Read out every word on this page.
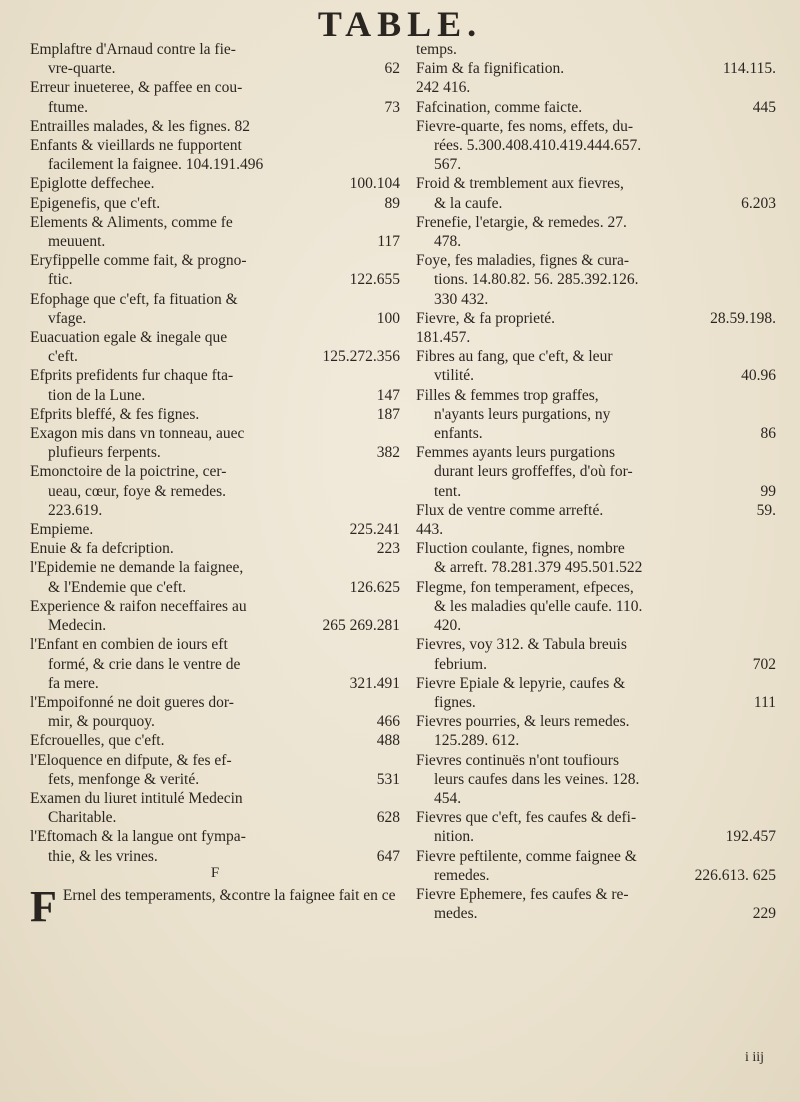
TABLE.
Emplaftre d'Arnaud contre la fie-
62
vre-quarte.
Erreur inueteree, & paffee en cou-
73
ftume.
Entrailles malades, & les fignes. 82
Enfants & vieillards ne fupportent
facilement la faignee. 104.191.496
100.104
Epiglotte deffechee.
89
Epigenefis, que c'eft.
Elements & Aliments, comme fe
117
meuuent.
Eryfippelle comme fait, & progno-
122.655
ftic.
Efophage que c'eft, fa fituation &
100
vfage.
Euacuation egale & inegale que
125.272.356
c'eft.
Efprits prefidents fur chaque fta-
147
tion de la Lune.
187
Efprits bleffé, & fes fignes.
Exagon mis dans vn tonneau, auec
382
plufieurs ferpents.
Emonctoire de la poictrine, cer-
ueau, cœur, foye & remedes.
223.619.
225.241
Empieme.
223
Enuie & fa defcription.
l'Epidemie ne demande la faignee,
126.625
& l'Endemie que c'eft.
Experience & raifon neceffaires au
265 269.281
Medecin.
l'Enfant en combien de iours eft
formé, & crie dans le ventre de
321.491
fa mere.
l'Empoifonné ne doit gueres dor-
466
mir, & pourquoy.
488
Efcrouelles, que c'eft.
l'Eloquence en difpute, & fes ef-
531
fets, menfonge & verité.
Examen du liuret intitulé Medecin
628
Charitable.
l'Eftomach & la langue ont fympa-
647
thie, & les vrines.
F
F Ernel des temperaments, &contre la faignee fait en ce
temps.
114.115.
Faim & fa fignification.
242 416.
445
Fafcination, comme faicte.
Fievre-quarte, fes noms, effets, du-
rées. 5.300.408.410.419.444.657.
567.
Froid & tremblement aux fievres,
6.203
& la caufe.
Frenefie, l'etargie, & remedes. 27.
478.
Foye, fes maladies, fignes & cura-
tions. 14.80.82. 56. 285.392.126.
330 432.
28.59.198.
Fievre, & fa proprieté.
181.457.
Fibres au fang, que c'eft, & leur
40.96
vtilité.
Filles & femmes trop graffes,
n'ayants leurs purgations, ny
86
enfants.
Femmes ayants leurs purgations
durant leurs groffeffes, d'où for-
99
tent.
59.
Flux de ventre comme arrefté.
443.
Fluction coulante, fignes, nombre
& arreft. 78.281.379 495.501.522
Flegme, fon temperament, efpeces,
& les maladies qu'elle caufe. 110.
420.
Fievres, voy 312. & Tabula breuis
702
febrium.
Fievre Epiale & lepyrie, caufes &
111
fignes.
Fievres pourries, & leurs remedes.
125.289. 612.
Fievres continuës n'ont toufiours
leurs caufes dans les veines. 128.
454.
Fievres que c'eft, fes caufes & defi-
192.457
nition.
Fievre peftilente, comme faignee &
226.613. 625
remedes.
Fievre Ephemere, fes caufes & re-
229
medes.
i iij
